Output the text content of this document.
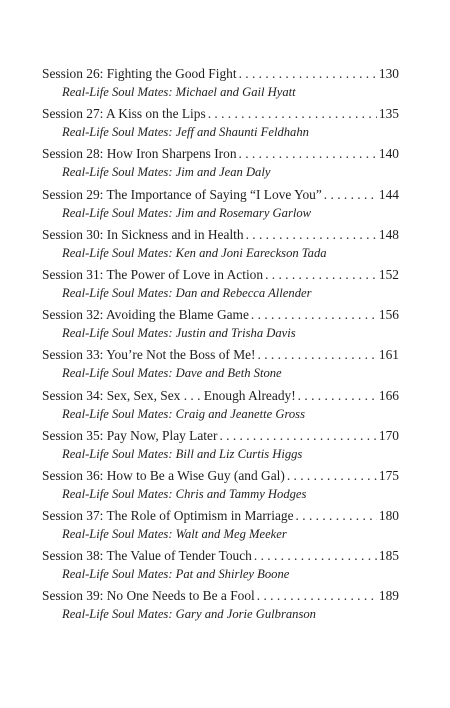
Session 26: Fighting the Good Fight . . .	130
Real-Life Soul Mates: Michael and Gail Hyatt
Session 27: A Kiss on the Lips . . .	135
Real-Life Soul Mates: Jeff and Shaunti Feldhahn
Session 28: How Iron Sharpens Iron . . .	140
Real-Life Soul Mates: Jim and Jean Daly
Session 29: The Importance of Saying “I Love You” . . .	144
Real-Life Soul Mates: Jim and Rosemary Garlow
Session 30: In Sickness and in Health . . .	148
Real-Life Soul Mates: Ken and Joni Eareckson Tada
Session 31: The Power of Love in Action . . .	152
Real-Life Soul Mates: Dan and Rebecca Allender
Session 32: Avoiding the Blame Game . . .	156
Real-Life Soul Mates: Justin and Trisha Davis
Session 33: You’re Not the Boss of Me! . . .	161
Real-Life Soul Mates: Dave and Beth Stone
Session 34: Sex, Sex, Sex . . . Enough Already! . . .	166
Real-Life Soul Mates: Craig and Jeanette Gross
Session 35: Pay Now, Play Later . . .	170
Real-Life Soul Mates: Bill and Liz Curtis Higgs
Session 36: How to Be a Wise Guy (and Gal) . . .	175
Real-Life Soul Mates: Chris and Tammy Hodges
Session 37: The Role of Optimism in Marriage . . .	180
Real-Life Soul Mates: Walt and Meg Meeker
Session 38: The Value of Tender Touch . . .	185
Real-Life Soul Mates: Pat and Shirley Boone
Session 39: No One Needs to Be a Fool . . .	189
Real-Life Soul Mates: Gary and Jorie Gulbranson
